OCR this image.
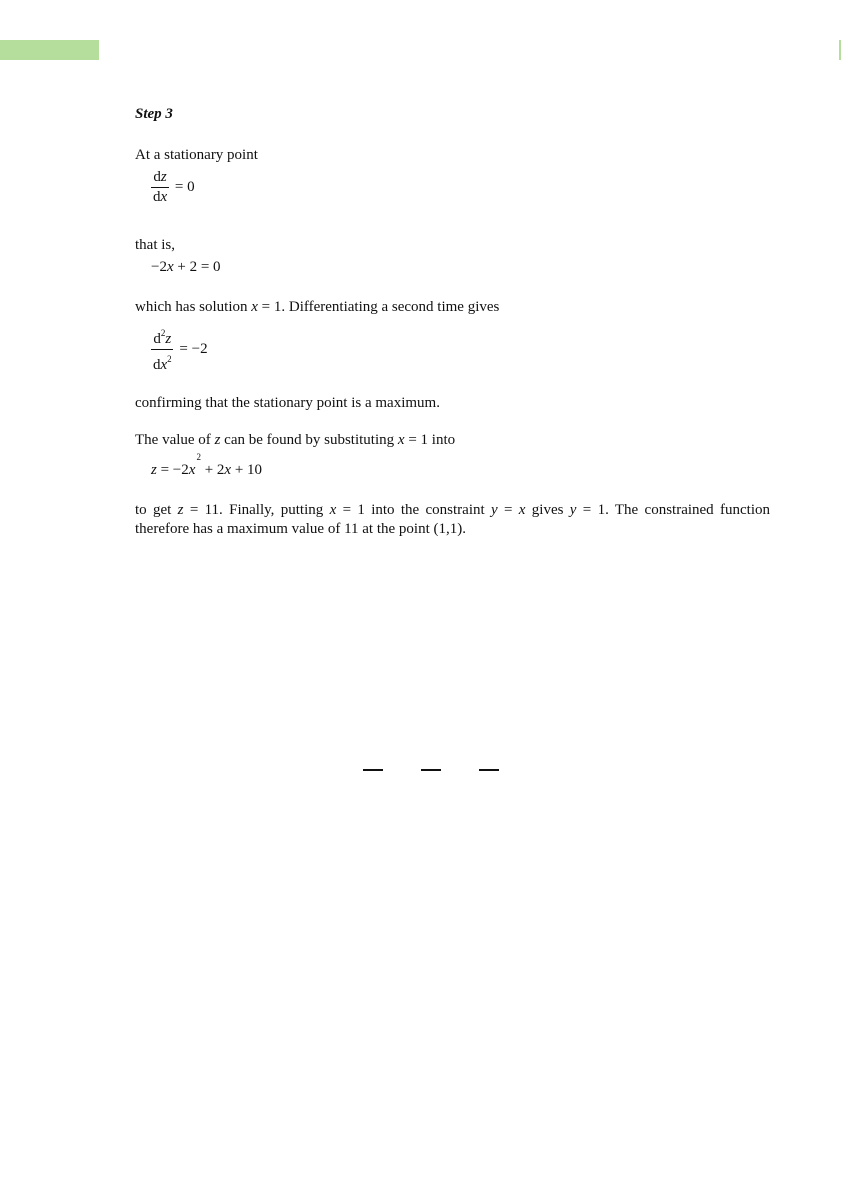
Step 3

At a stationary point

$\frac{dz}{dx} = 0$

that is,

−2x + 2 = 0

which has solution x = 1. Differentiating a second time gives

$\frac{d^2z}{dx^2} = -2$

confirming that the stationary point is a maximum.

The value of z can be found by substituting x = 1 into

$z = -2x^2 + 2x + 10$

to get z = 11. Finally, putting x = 1 into the constraint y = x gives y = 1. The constrained function therefore has a maximum value of 11 at the point (1,1).
